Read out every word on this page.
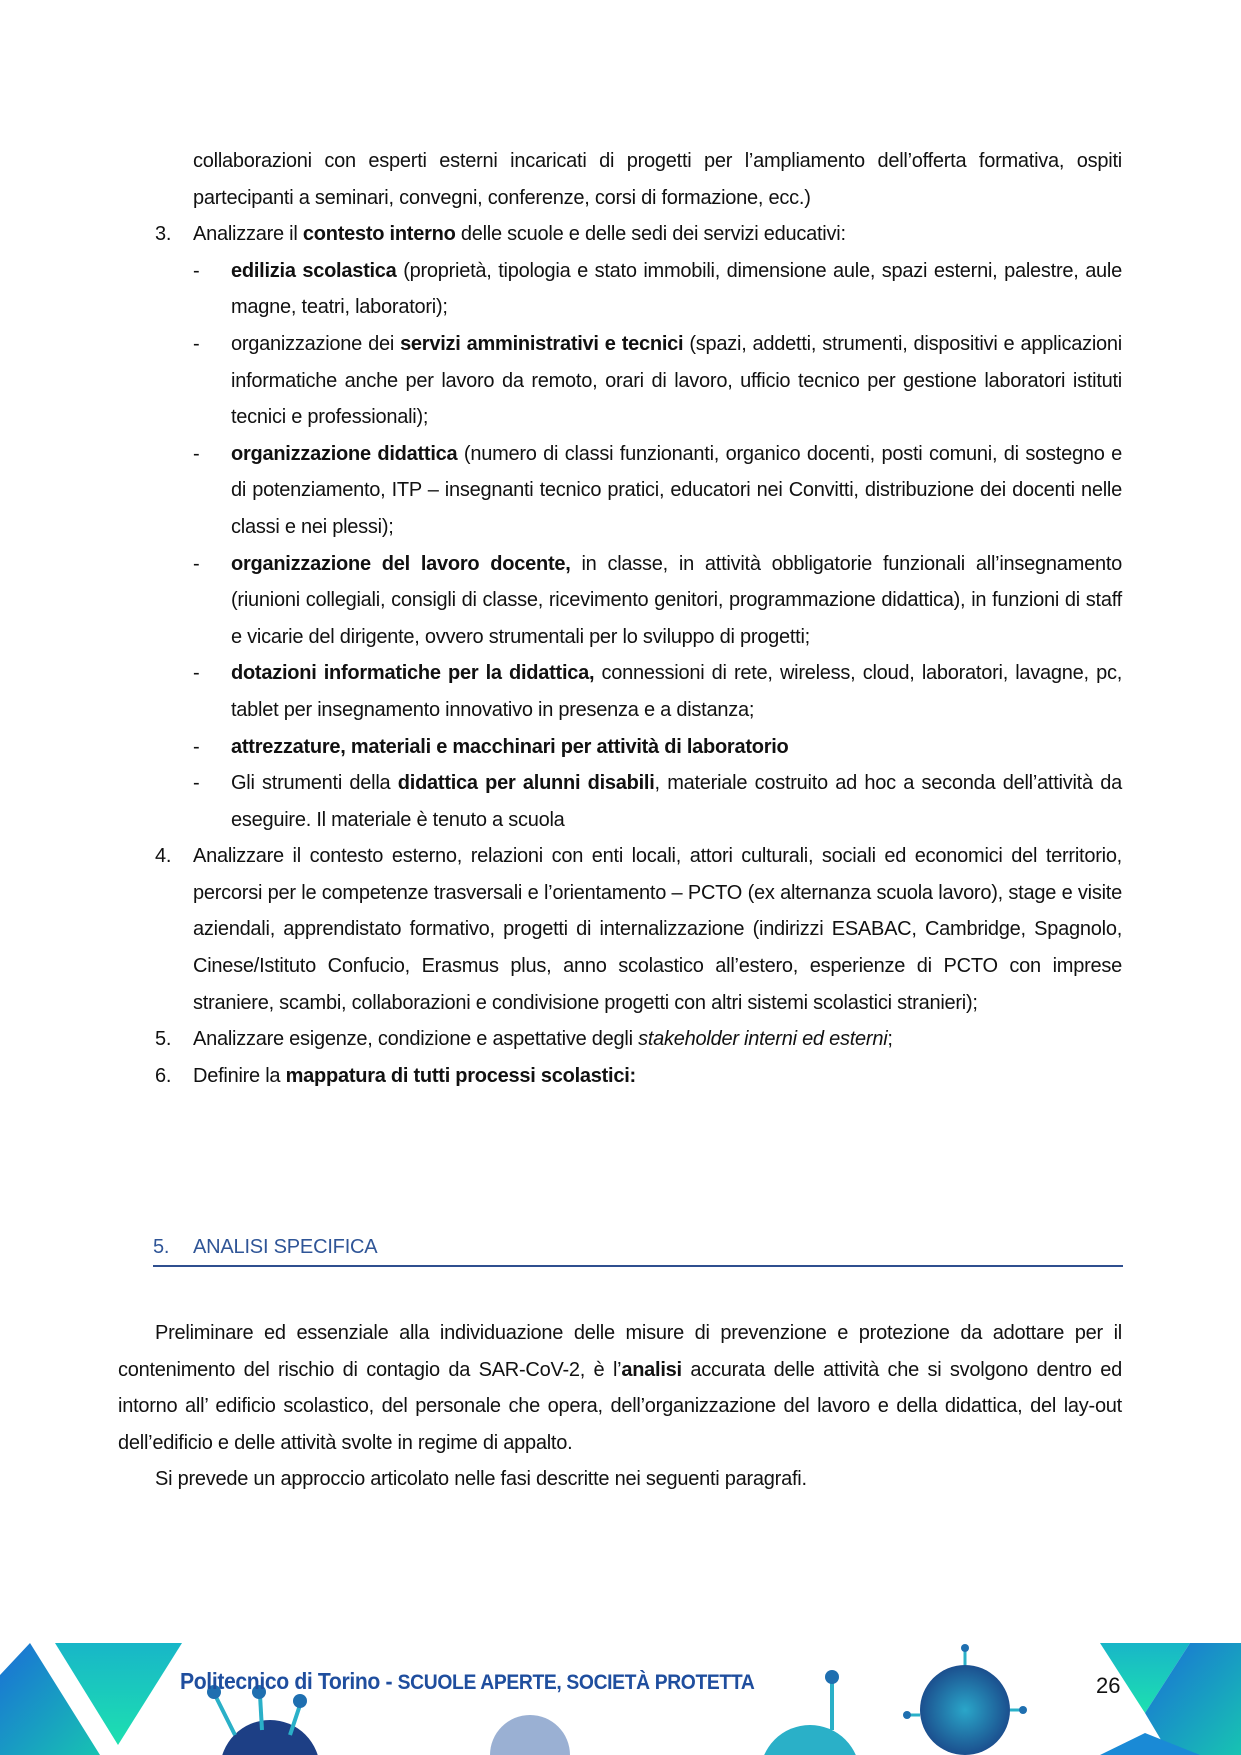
collaborazioni con esperti esterni incaricati di progetti per l’ampliamento dell’offerta formativa, ospiti partecipanti a seminari, convegni, conferenze, corsi di formazione, ecc.)
3.	Analizzare il contesto interno delle scuole e delle sedi dei servizi educativi:
-	edilizia scolastica (proprietà, tipologia e stato immobili, dimensione aule, spazi esterni, palestre, aule magne, teatri, laboratori);
-	organizzazione dei servizi amministrativi e tecnici (spazi, addetti, strumenti, dispositivi e applicazioni informatiche anche per lavoro da remoto, orari di lavoro, ufficio tecnico per gestione laboratori istituti tecnici e professionali);
-	organizzazione didattica (numero di classi funzionanti, organico docenti, posti comuni, di sostegno e di potenziamento, ITP – insegnanti tecnico pratici, educatori nei Convitti, distribuzione dei docenti nelle classi e nei plessi);
-	organizzazione del lavoro docente, in classe, in attività obbligatorie funzionali all’insegnamento (riunioni collegiali, consigli di classe, ricevimento genitori, programmazione didattica), in funzioni di staff e vicarie del dirigente, ovvero strumentali per lo sviluppo di progetti;
-	dotazioni informatiche per la didattica, connessioni di rete, wireless, cloud, laboratori, lavagne, pc, tablet per insegnamento innovativo in presenza e a distanza;
-	attrezzature, materiali e macchinari per attività di laboratorio
-	Gli strumenti della didattica per alunni disabili, materiale costruito ad hoc a seconda dell’attività da eseguire. Il materiale è tenuto a scuola
4.	Analizzare il contesto esterno, relazioni con enti locali, attori culturali, sociali ed economici del territorio, percorsi per le competenze trasversali e l’orientamento – PCTO (ex alternanza scuola lavoro), stage e visite aziendali, apprendistato formativo, progetti di internalizzazione (indirizzi ESABAC, Cambridge, Spagnolo, Cinese/Istituto Confucio, Erasmus plus, anno scolastico all’estero, esperienze di PCTO con imprese straniere, scambi, collaborazioni e condivisione progetti con altri sistemi scolastici stranieri);
5.	Analizzare esigenze, condizione e aspettative degli stakeholder interni ed esterni;
6.	Definire la mappatura di tutti processi scolastici:
5. ANALISI SPECIFICA
Preliminare ed essenziale alla individuazione delle misure di prevenzione e protezione da adottare per il contenimento del rischio di contagio da SAR-CoV-2, è l’analisi accurata delle attività che si svolgono dentro ed intorno all’ edificio scolastico, del personale che opera, dell’organizzazione del lavoro e della didattica, del lay-out dell’edificio e delle attività svolte in regime di appalto.
Si prevede un approccio articolato nelle fasi descritte nei seguenti paragrafi.
Politecnico di Torino - SCUOLE APERTE, SOCIETÀ PROTETTA	26
